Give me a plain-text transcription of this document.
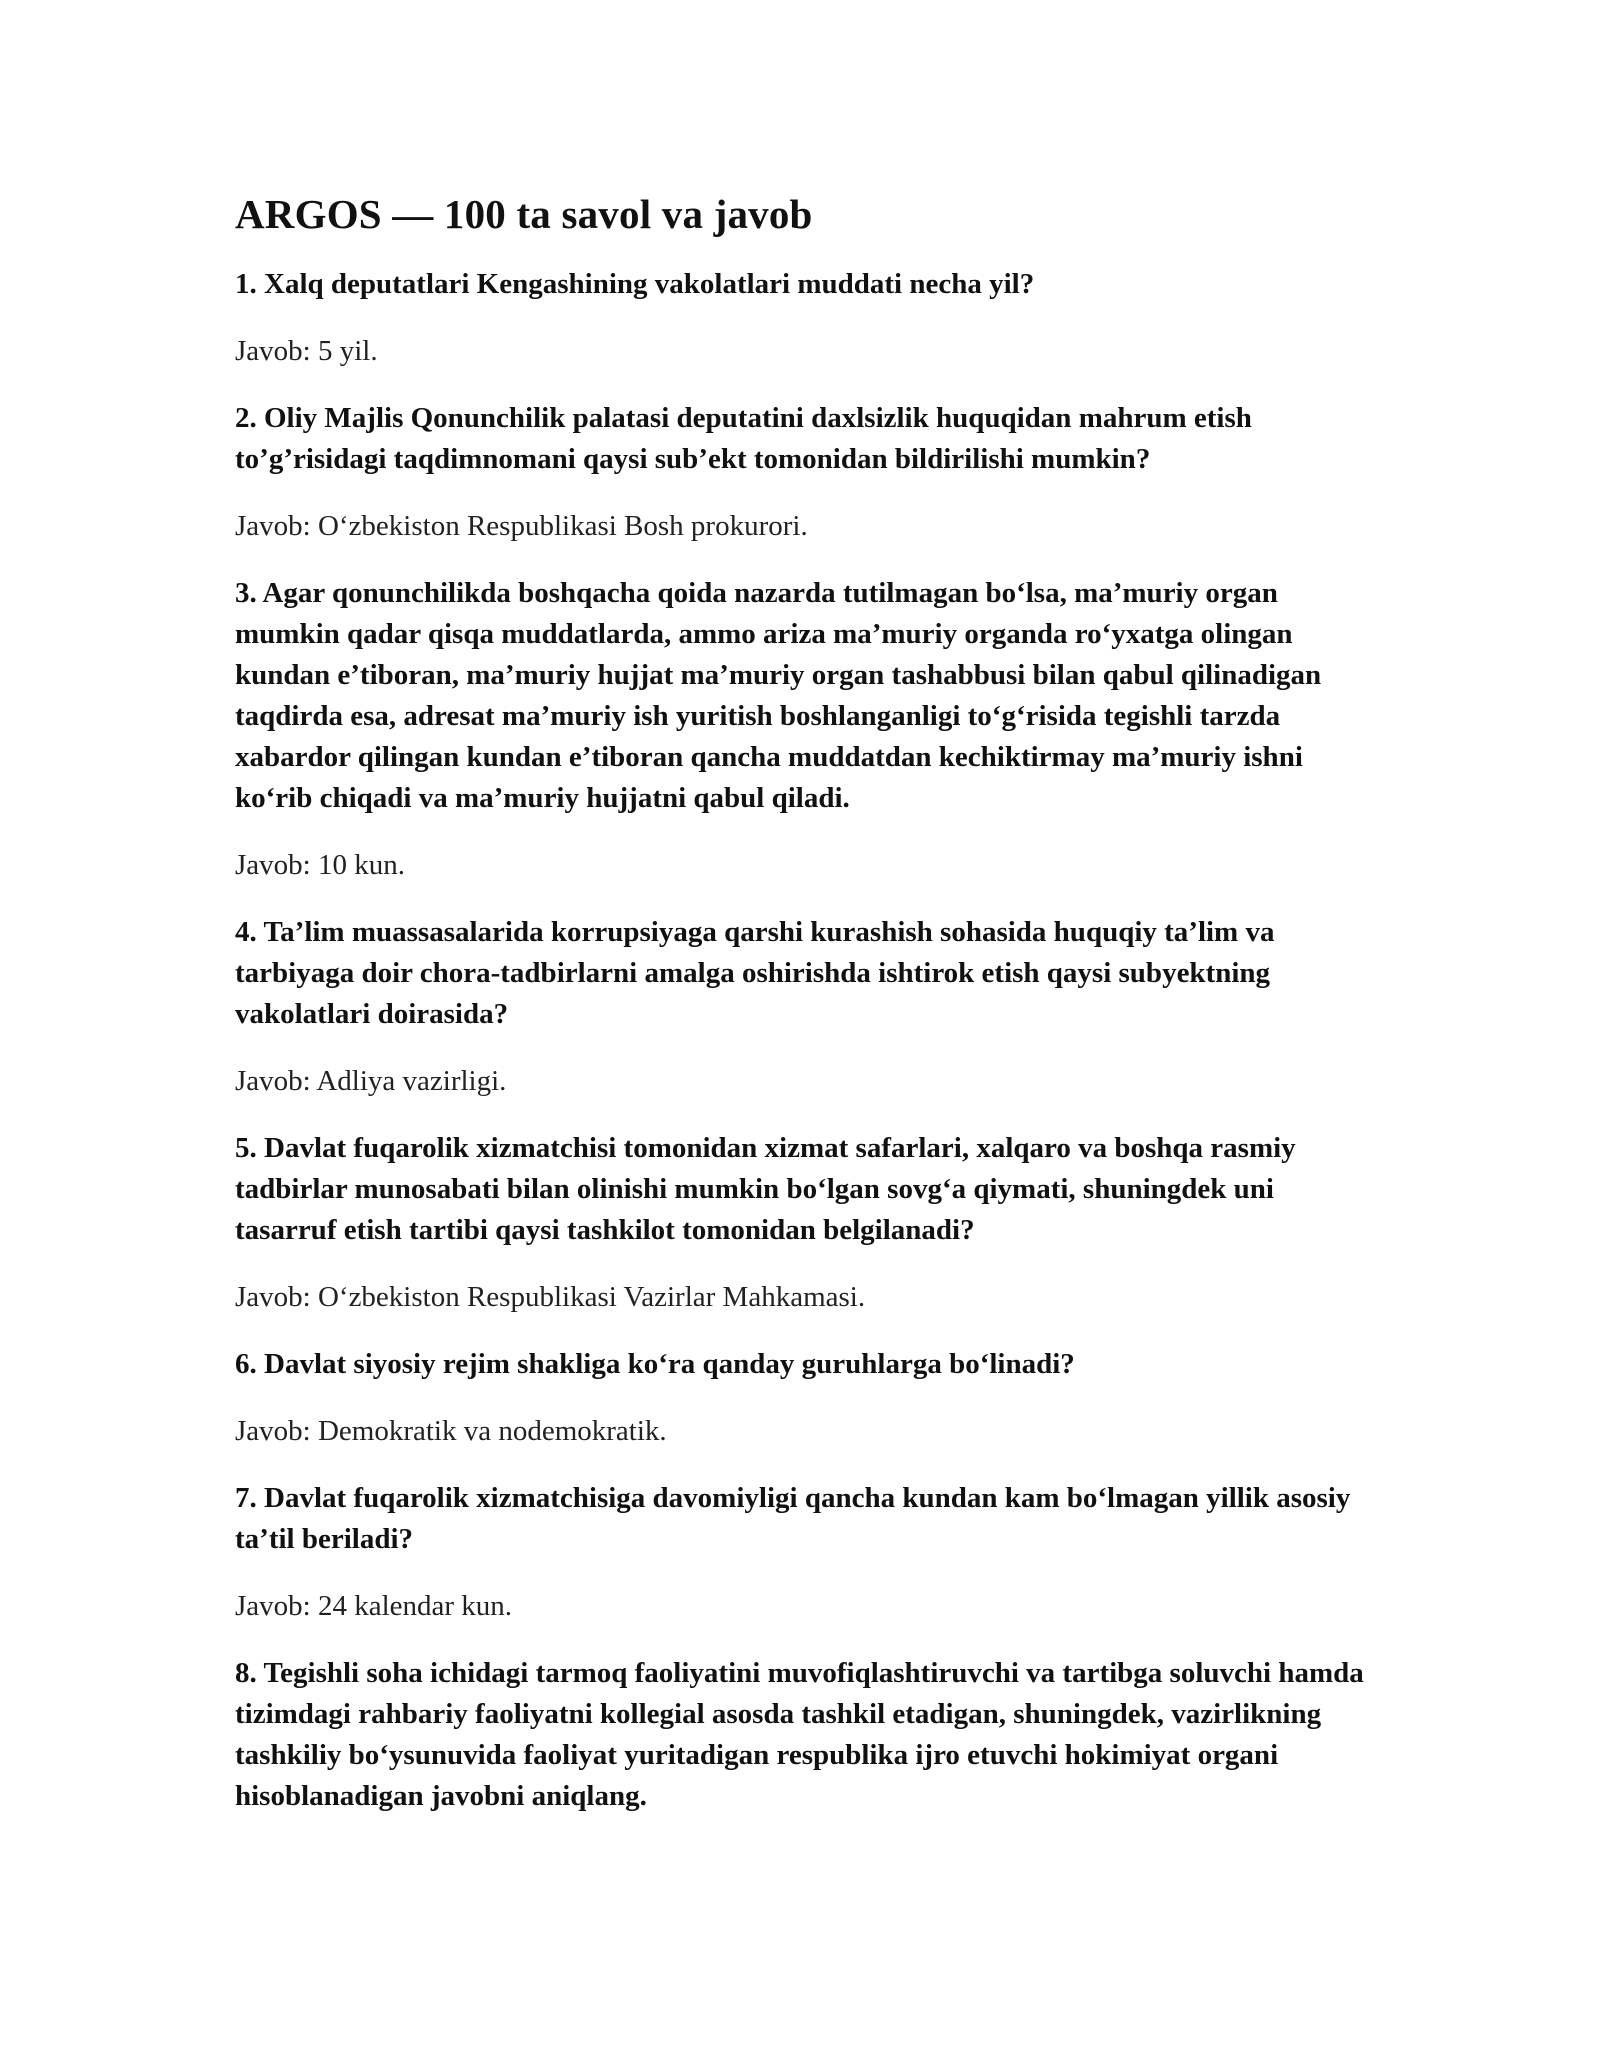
ARGOS — 100 ta savol va javob

1. Xalq deputatlari Kengashining vakolatlari muddati necha yil?

Javob: 5 yil.

2. Oliy Majlis Qonunchilik palatasi deputatini daxlsizlik huquqidan mahrum etish to’g’risidagi taqdimnomani qaysi sub’ekt tomonidan bildirilishi mumkin?

Javob: O‘zbekiston Respublikasi Bosh prokurori.

3. Agar qonunchilikda boshqacha qoida nazarda tutilmagan bo‘lsa, ma’muriy organ mumkin qadar qisqa muddatlarda, ammo ariza ma’muriy organda ro‘yxatga olingan kundan e’tiboran, ma’muriy hujjat ma’muriy organ tashabbusi bilan qabul qilinadigan taqdirda esa, adresat ma’muriy ish yuritish boshlanganligi to‘g‘risida tegishli tarzda xabardor qilingan kundan e’tiboran qancha muddatdan kechiktirmay ma’muriy ishni ko‘rib chiqadi va ma’muriy hujjatni qabul qiladi.

Javob: 10 kun.

4. Ta’lim muassasalarida korrupsiyaga qarshi kurashish sohasida huquqiy ta’lim va tarbiyaga doir chora-tadbirlarni amalga oshirishda ishtirok etish qaysi subyektning vakolatlari doirasida?

Javob: Adliya vazirligi.

5. Davlat fuqarolik xizmatchisi tomonidan xizmat safarlari, xalqaro va boshqa rasmiy tadbirlar munosabati bilan olinishi mumkin bo‘lgan sovg‘a qiymati, shuningdek uni tasarruf etish tartibi qaysi tashkilot tomonidan belgilanadi?

Javob: O‘zbekiston Respublikasi Vazirlar Mahkamasi.

6. Davlat siyosiy rejim shakliga ko‘ra qanday guruhlarga bo‘linadi?

Javob: Demokratik va nodemokratik.

7. Davlat fuqarolik xizmatchisiga davomiyligi qancha kundan kam bo‘lmagan yillik asosiy ta’til beriladi?

Javob: 24 kalendar kun.

8. Tegishli soha ichidagi tarmoq faoliyatini muvofiqlashtiruvchi va tartibga soluvchi hamda tizimdagi rahbariy faoliyatni kollegial asosda tashkil etadigan, shuningdek, vazirlikning tashkiliy bo‘ysunuvida faoliyat yuritadigan respublika ijro etuvchi hokimiyat organi hisoblanadigan javobni aniqlang.
